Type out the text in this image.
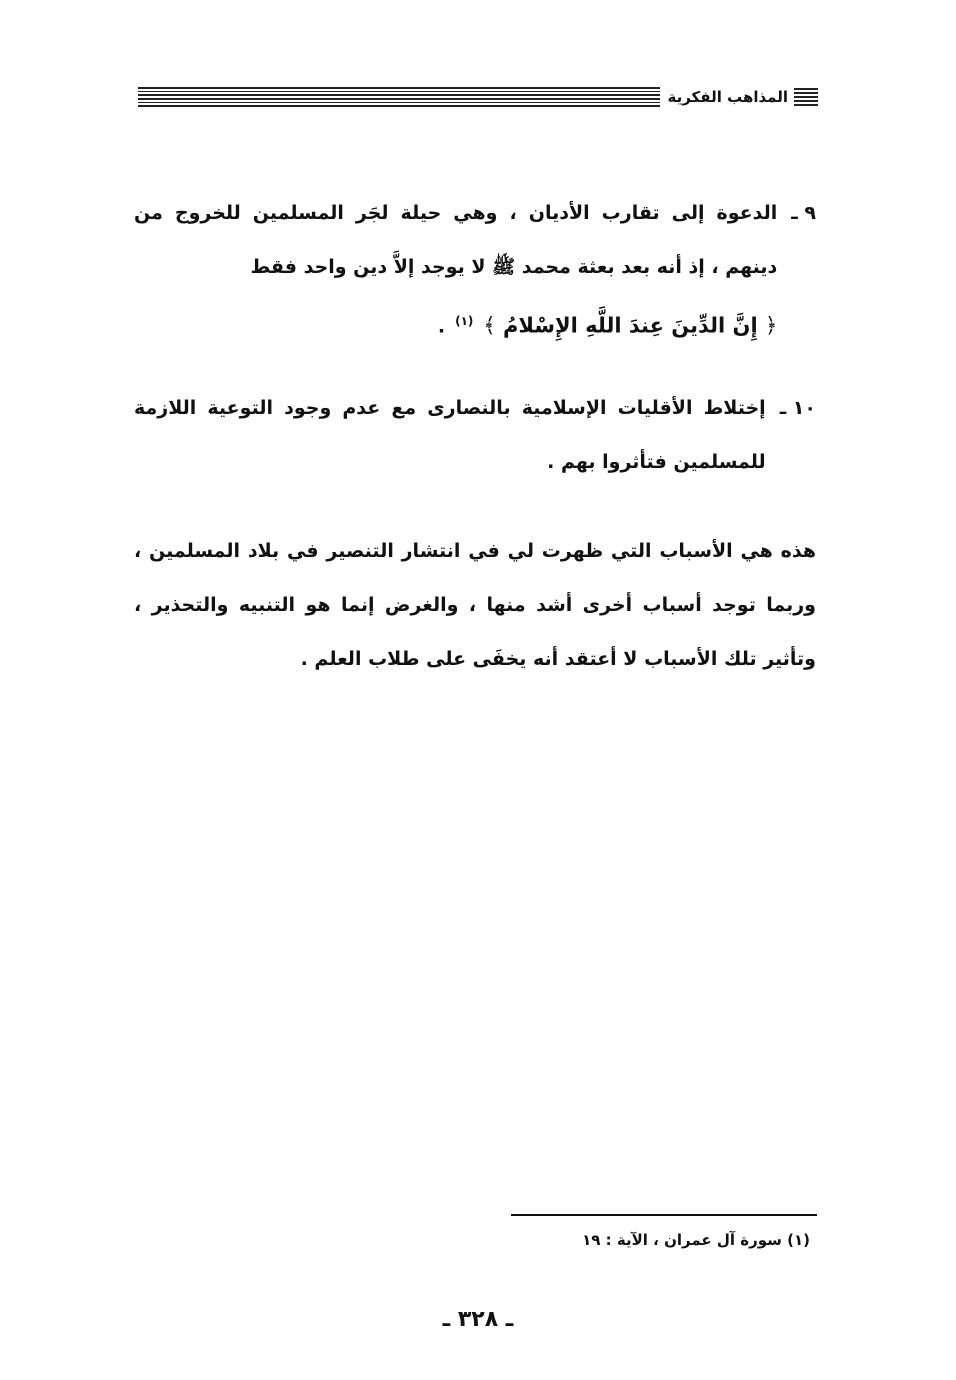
المذاهب الفكرية
٩ ـ
الدعوة إلى تقارب الأديان ، وهي حيلة لجَر المسلمين للخروج من دينهم ، إذ أنه بعد بعثة محمد ﷺ لا يوجد إلاَّ دين واحد فقط
﴿ إِنَّ الدِّينَ عِندَ اللَّهِ الإِسْلامُ ﴾$^{(١)}$.
١٠ ـ
إختلاط الأقليات الإسلامية بالنصارى مع عدم وجود التوعية اللازمة للمسلمين فتأثروا بهم .
هذه هي الأسباب التي ظهرت لي في انتشار التنصير في بلاد المسلمين ، وربما توجد أسباب أخرى أشد منها ، والغرض إنما هو التنبيه والتحذير ، وتأثير تلك الأسباب لا أعتقد أنه يخفَى على طلاب العلم .
(١) سورة آل عمران ، الآية : ١٩
ـ ٣٢٨ ـ
